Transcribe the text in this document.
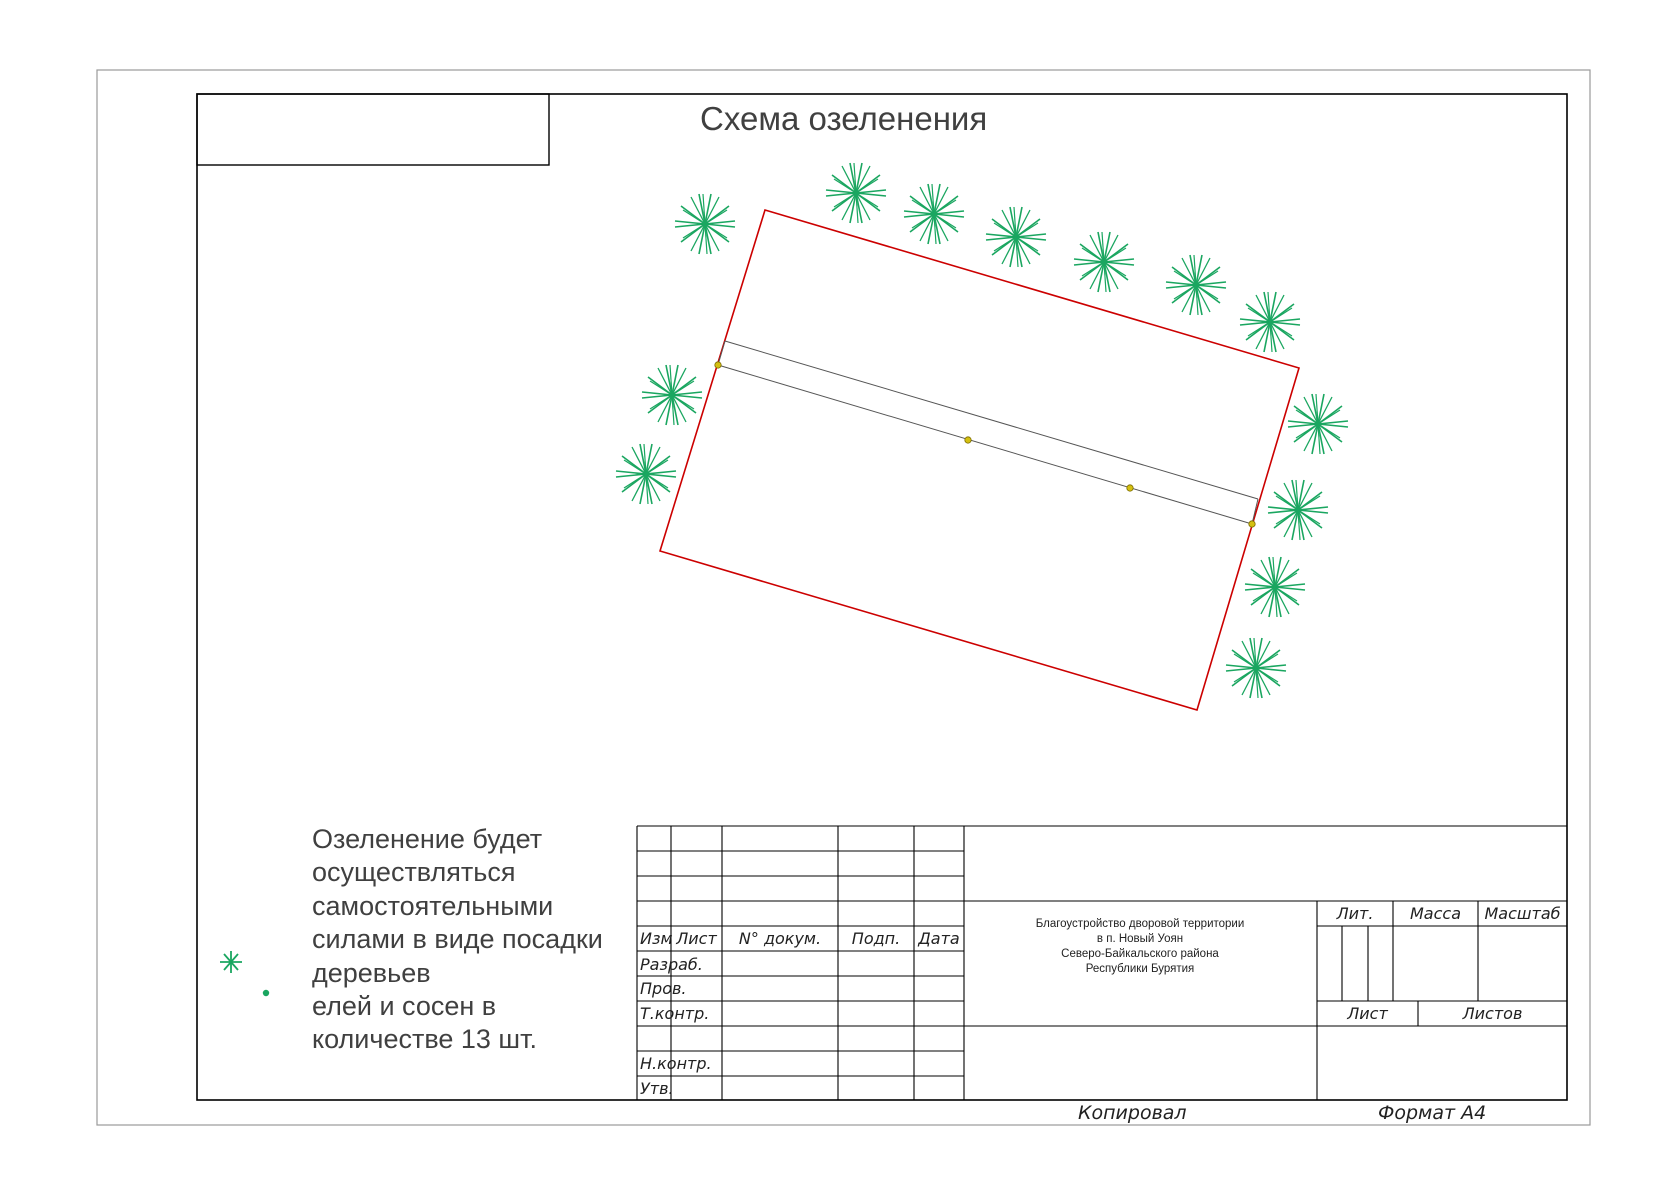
Схема озеленения
Озеленение будет
осуществляться
самостоятельными
силами в виде посадки
деревьев
елей и сосен в
количестве 13 шт.
Изм Лист	N° докум.	Подп.	Дата
Разраб.
Пров.
Т.контр.
Н.контр.
Утв.
Благоустройство дворовой территории
в п. Новый Уоян
Северо-Байкальского района
Республики Бурятия
Лит.	Масса	Масштаб
Лист	Листов
Копировал	Формат А4
